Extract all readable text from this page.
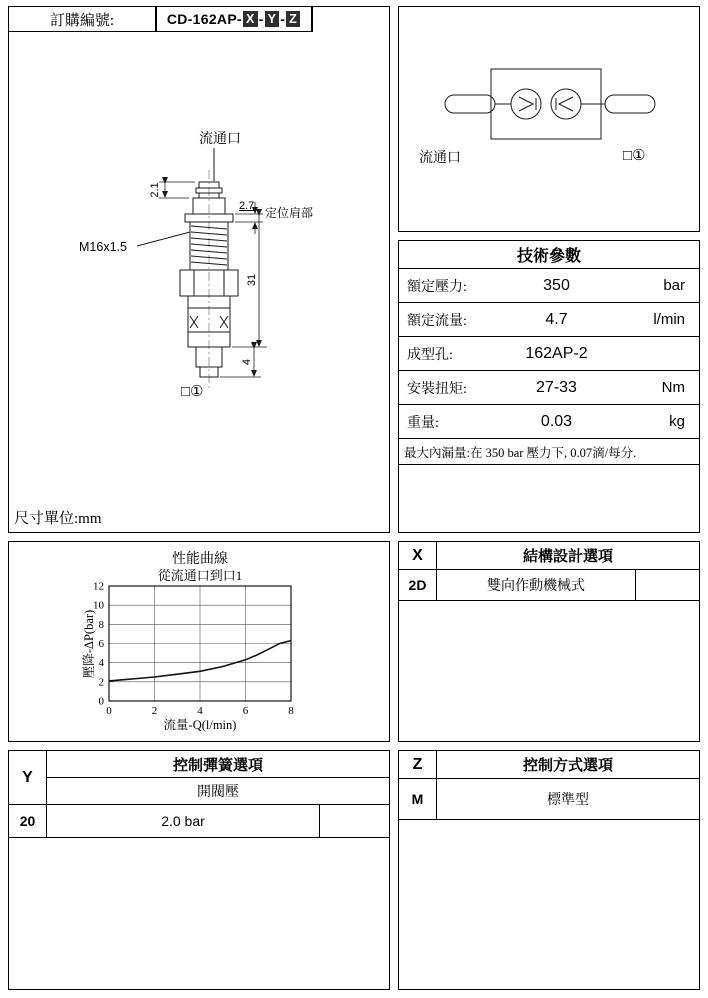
訂購編號:	CD-162AP- X - Y - Z
流通口
2.1
2.7 定位肩部
M16x1.5
31
4
□①
尺寸單位:mm
流通口	□①
技術參數
額定壓力:	350	bar
額定流量:	4.7	l/min
成型孔:	162AP-2
安裝扭矩:	27-33	Nm
重量:	0.03	kg
最大內漏量:在 350 bar 壓力下, 0.07滴/每分.
性能曲線
從流通口到口1
壓降-ΔP(bar)
0	2	4	6	8
0
2
4
6
8
10
12
流量-Q(l/min)
X	結構設計選項
2D	雙向作動機械式
Y
控制彈簧選項
開閥壓
20	2.0 bar
Z	控制方式選項
M	標準型
